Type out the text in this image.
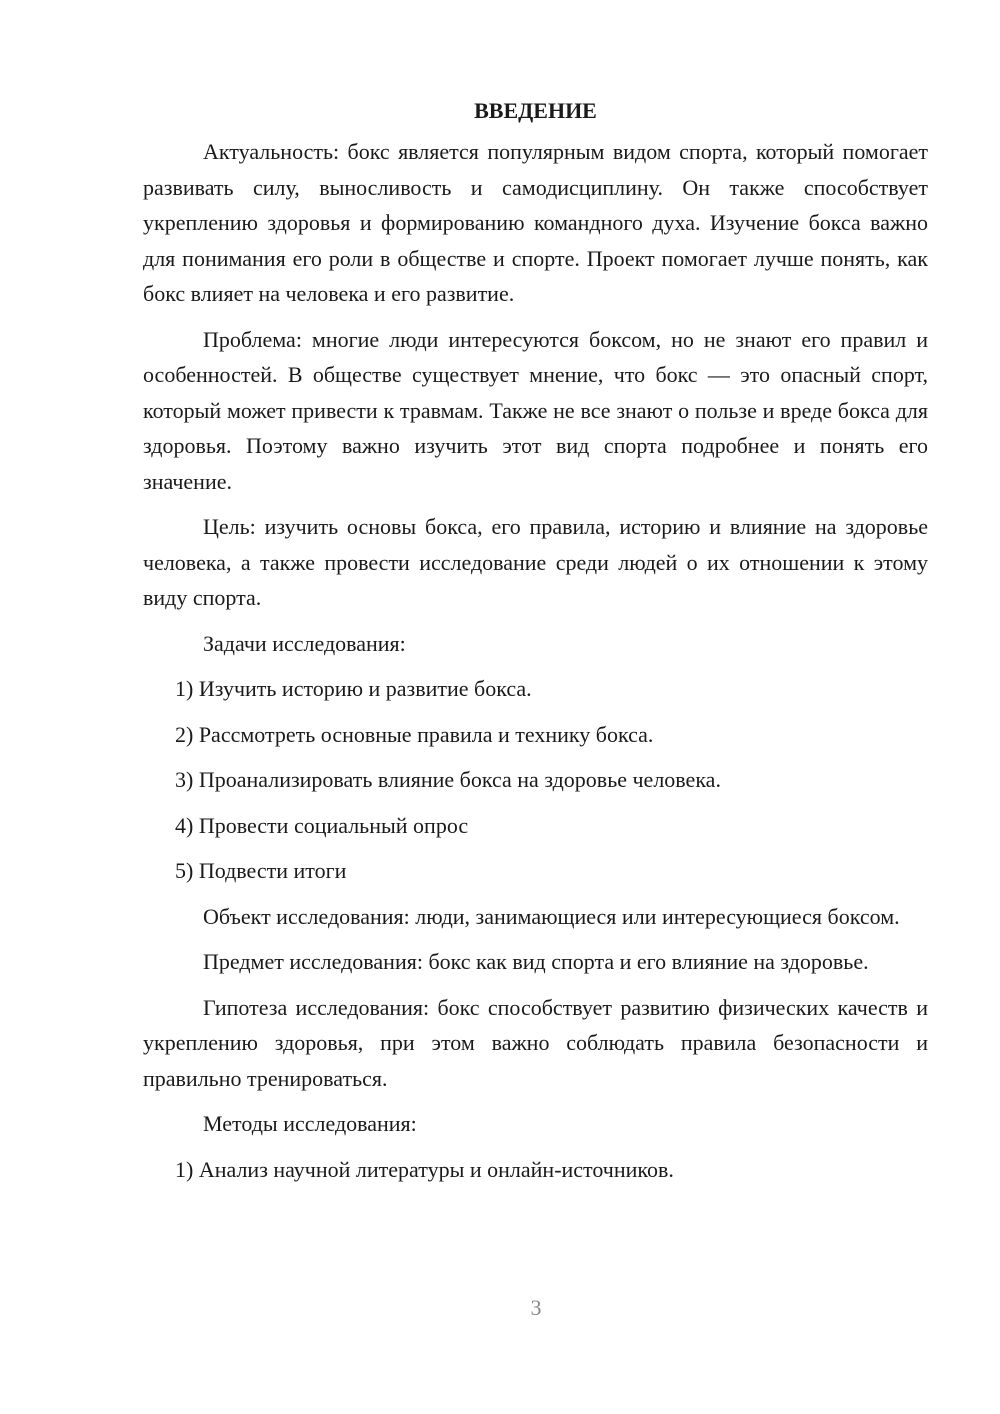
ВВЕДЕНИЕ

Актуальность: бокс является популярным видом спорта, который помогает развивать силу, выносливость и самодисциплину. Он также способствует укреплению здоровья и формированию командного духа. Изучение бокса важно для понимания его роли в обществе и спорте. Проект помогает лучше понять, как бокс влияет на человека и его развитие.

Проблема: многие люди интересуются боксом, но не знают его правил и особенностей. В обществе существует мнение, что бокс — это опасный спорт, который может привести к травмам. Также не все знают о пользе и вреде бокса для здоровья. Поэтому важно изучить этот вид спорта подробнее и понять его значение.

Цель: изучить основы бокса, его правила, историю и влияние на здоровье человека, а также провести исследование среди людей о их отношении к этому виду спорта.

Задачи исследования:

1) Изучить историю и развитие бокса.
2) Рассмотреть основные правила и технику бокса.
3) Проанализировать влияние бокса на здоровье человека.
4) Провести социальный опрос
5) Подвести итоги

Объект исследования: люди, занимающиеся или интересующиеся боксом.

Предмет исследования: бокс как вид спорта и его влияние на здоровье.

Гипотеза исследования: бокс способствует развитию физических качеств и укреплению здоровья, при этом важно соблюдать правила безопасности и правильно тренироваться.

Методы исследования:

1) Анализ научной литературы и онлайн-источников.
3
